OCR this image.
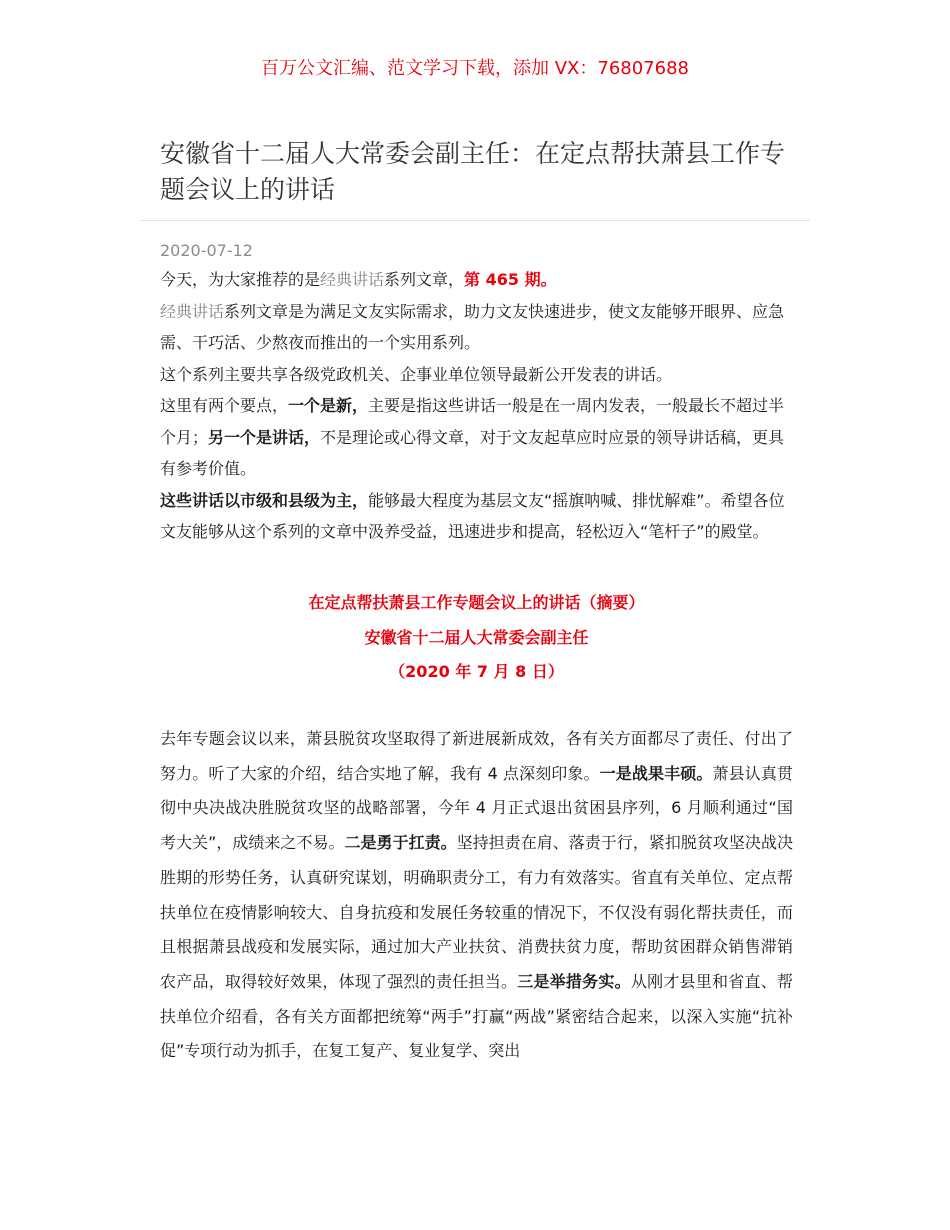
百万公文汇编、范文学习下载，添加 VX：76807688
安徽省十二届人大常委会副主任：在定点帮扶萧县工作专题会议上的讲话
2020-07-12

今天，为大家推荐的是经典讲话系列文章，第 465 期。

经典讲话系列文章是为满足文友实际需求，助力文友快速进步，使文友能够开眼界、应急需、干巧活、少熬夜而推出的一个实用系列。

这个系列主要共享各级党政机关、企事业单位领导最新公开发表的讲话。

这里有两个要点，一个是新，主要是指这些讲话一般是在一周内发表，一般最长不超过半个月；另一个是讲话，不是理论或心得文章，对于文友起草应时应景的领导讲话稿，更具有参考价值。

这些讲话以市级和县级为主，能够最大程度为基层文友“摇旗呐喊、排忧解难”。希望各位文友能够从这个系列的文章中汲养受益，迅速进步和提高，轻松迈入“笔杆子”的殿堂。

在定点帮扶萧县工作专题会议上的讲话（摘要）
安徽省十二届人大常委会副主任
（2020 年 7 月 8 日）

去年专题会议以来，萧县脱贫攻坚取得了新进展新成效，各有关方面都尽了责任、付出了努力。听了大家的介绍，结合实地了解，我有 4 点深刻印象。一是战果丰硕。萧县认真贯彻中央决战决胜脱贫攻坚的战略部署，今年 4 月正式退出贫困县序列，6 月顺利通过“国考大关”，成绩来之不易。二是勇于扛责。坚持担责在肩、落责于行，紧扣脱贫攻坚决战决胜期的形势任务，认真研究谋划，明确职责分工，有力有效落实。省直有关单位、定点帮扶单位在疫情影响较大、自身抗疫和发展任务较重的情况下，不仅没有弱化帮扶责任，而且根据萧县战疫和发展实际，通过加大产业扶贫、消费扶贫力度，帮助贫困群众销售滞销农产品，取得较好效果，体现了强烈的责任担当。三是举措务实。从刚才县里和省直、帮扶单位介绍看，各有关方面都把统筹“两手”打赢“两战”紧密结合起来，以深入实施“抗补促”专项行动为抓手，在复工复产、复业复学、突出
